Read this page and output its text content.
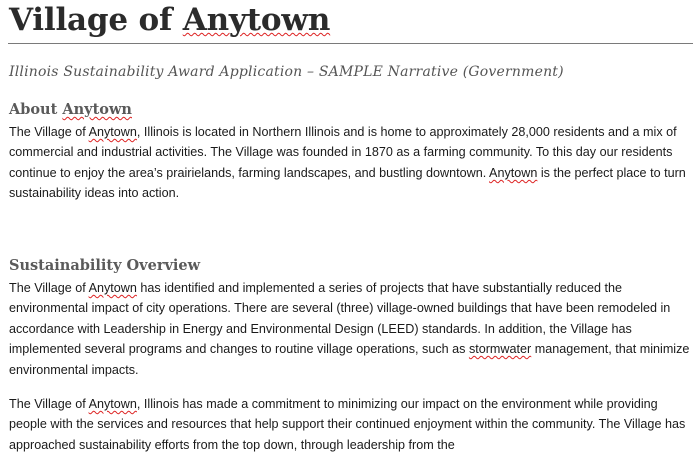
Village of Anytown
Illinois Sustainability Award Application – SAMPLE Narrative (Government)
About Anytown

The Village of Anytown, Illinois is located in Northern Illinois and is home to approximately 28,000 residents and a mix of commercial and industrial activities. The Village was founded in 1870 as a farming community. To this day our residents continue to enjoy the area’s prairielands, farming landscapes, and bustling downtown. Anytown is the perfect place to turn sustainability ideas into action.

Sustainability Overview

The Village of Anytown has identified and implemented a series of projects that have substantially reduced the environmental impact of city operations. There are several (three) village-owned buildings that have been remodeled in accordance with Leadership in Energy and Environmental Design (LEED) standards. In addition, the Village has implemented several programs and changes to routine village operations, such as stormwater management, that minimize environmental impacts.

The Village of Anytown, Illinois has made a commitment to minimizing our impact on the environment while providing people with the services and resources that help support their continued enjoyment within the community. The Village has approached sustainability efforts from the top down, through leadership from the
